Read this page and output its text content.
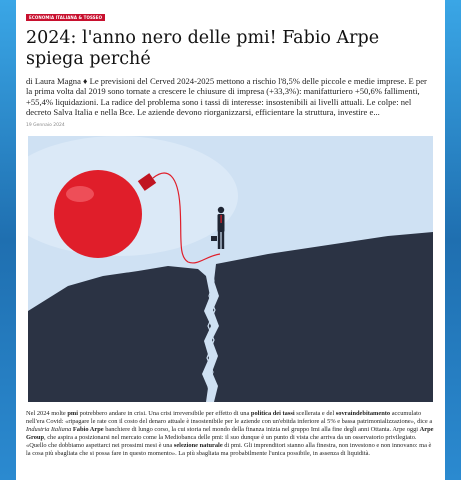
ECONOMIA ITALIANA & TOSSEO
2024: l'anno nero delle pmi! Fabio Arpe spiega perché

di Laura Magna ♦ Le previsioni del Cerved 2024-2025 mettono a rischio l'8,5% delle piccole e medie imprese. E per la prima volta dal 2019 sono tornate a crescere le chiusure di impresa (+33,3%): manifatturiero +50,6% fallimenti, +55,4% liquidazioni. La radice del problema sono i tassi di interesse: insostenibili ai livelli attuali. Le colpe: nel decreto Salva Italia e nella Bce. Le aziende devono riorganizzarsi, efficientare la struttura, investire e...

19 Gennaio 2024
Nel 2024 molte pmi potrebbero andare in crisi. Una crisi irreversibile per effetto di una politica dei tassi scellerata e del sovraindebitamento accumulato nell'era Covid: «ripagare le rate con il costo del denaro attuale è insostenibile per le aziende con un'ebitda inferiore al 5% e bassa patrimonializzazione», dice a Industria Italiana Fabio Arpe banchiere di lungo corso, la cui storia nel mondo della finanza inizia nel gruppo Imi alla fine degli anni Ottanta. Arpe oggi Arpe Group, che aspira a posizionarsi nel mercato come la Mediobanca delle pmi: il suo dunque è un punto di vista che arriva da un osservatorio privilegiato. «Quello che dobbiamo aspettarci nei prossimi mesi è una selezione naturale di pmi. Gli imprenditori stanno alla finestra, non investono e non innovano: ma è la cosa più sbagliata che si possa fare in questo momento». La più sbagliata ma probabilmente l'unica possibile, in assenza di liquidità.
